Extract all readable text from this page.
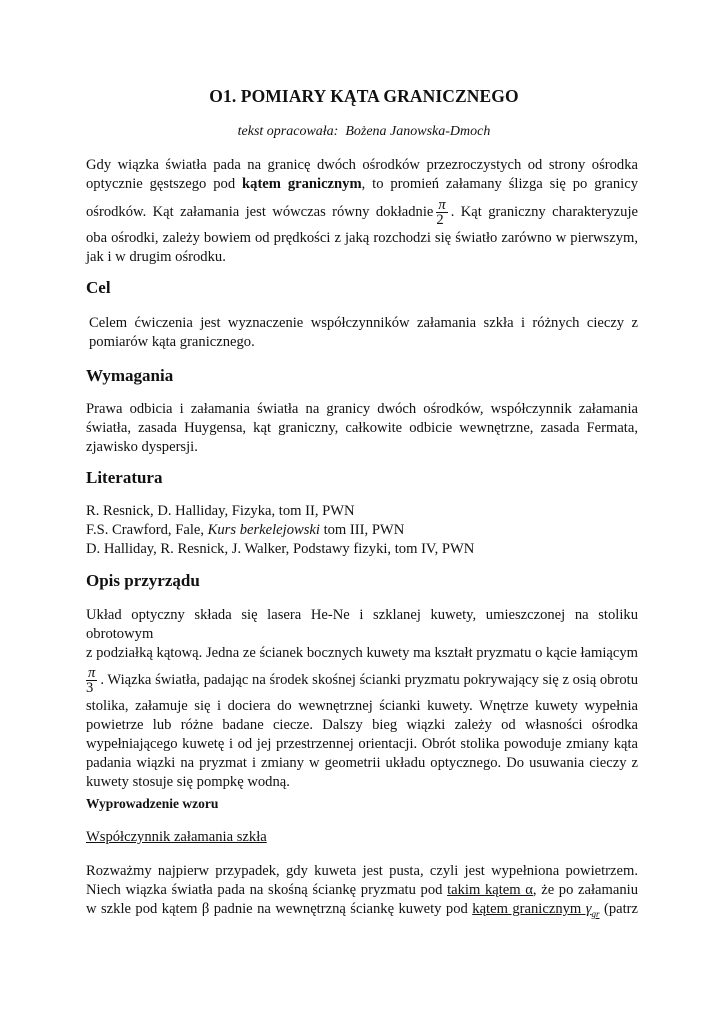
O1. POMIARY KĄTA GRANICZNEGO
tekst opracowała:  Bożena Janowska-Dmoch
Gdy wiązka światła pada na granicę dwóch ośrodków przezroczystych od strony ośrodka
optycznie gęstszego pod kątem granicznym, to promień załamany ślizga się po granicy
ośrodków. Kąt załamania jest wówczas równy dokładnie $\frac{\pi}{2}$ . Kąt graniczny charakteryzuje
oba ośrodki, zależy bowiem od prędkości z jaką rozchodzi się światło zarówno w pierwszym,
jak i w drugim ośrodku.
Cel
Celem ćwiczenia jest wyznaczenie współczynników załamania szkła i różnych cieczy z
pomiarów kąta granicznego.
Wymagania
Prawa odbicia i załamania światła na granicy dwóch ośrodków, współczynnik załamania
światła, zasada Huygensa, kąt graniczny, całkowite odbicie wewnętrzne, zasada Fermata,
zjawisko dyspersji.
Literatura
R. Resnick, D. Halliday, Fizyka, tom II, PWN
F.S. Crawford, Fale, Kurs berkelejowski tom III, PWN
D. Halliday, R. Resnick, J. Walker, Podstawy fizyki, tom IV, PWN
Opis przyrządu
Układ optyczny składa się lasera He-Ne i szklanej kuwety, umieszczonej na stoliku obrotowym
z podziałką kątową. Jedna ze ścianek bocznych kuwety ma kształt pryzmatu o kącie łamiącym
$\frac{\pi}{3}$ . Wiązka światła, padając na środek skośnej ścianki pryzmatu pokrywający się z osią obrotu
stolika, załamuje się i dociera do wewnętrznej ścianki kuwety. Wnętrze kuwety wypełnia
powietrze lub różne badane ciecze. Dalszy bieg wiązki zależy od własności ośrodka
wypełniającego kuwetę i od jej przestrzennej orientacji. Obrót stolika powoduje zmiany kąta
padania wiązki na pryzmat i zmiany w geometrii układu optycznego. Do usuwania cieczy z
kuwety stosuje się pompkę wodną.
Wyprowadzenie wzoru
Współczynnik załamania szkła
Rozważmy najpierw przypadek, gdy kuweta jest pusta, czyli jest wypełniona powietrzem.
Niech wiązka światła pada na skośną ściankę pryzmatu pod takim kątem α, że po załamaniu
w szkle pod kątem β padnie na wewnętrzną ściankę kuwety pod kątem granicznym $\gamma_{gr}$ (patrz
